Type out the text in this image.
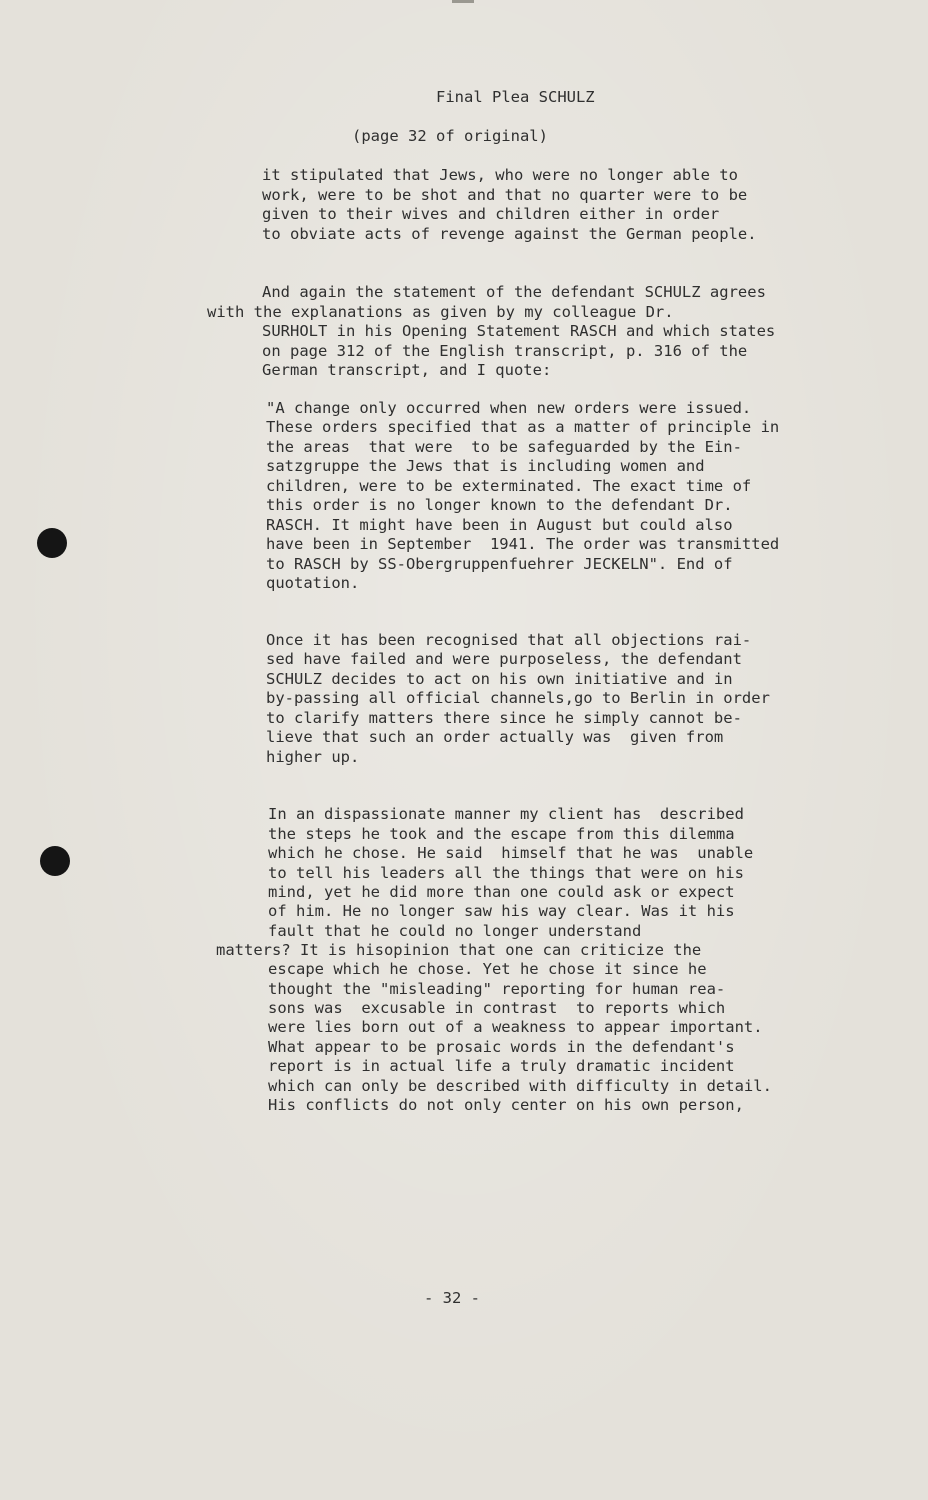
Final Plea SCHULZ
(page 32 of original)
it stipulated that Jews, who were no longer able to
work, were to be shot and that no quarter were to be
given to their wives and children either in order
to obviate acts of revenge against the German people.
And again the statement of the defendant SCHULZ agrees
with the explanations as given by my colleague Dr.
SURHOLT in his Opening Statement RASCH and which states
on page 312 of the English transcript, p. 316 of the
German transcript, and I quote:
"A change only occurred when new orders were issued.
These orders specified that as a matter of principle in
the areas  that were  to be safeguarded by the Ein-
satzgruppe the Jews that is including women and
children, were to be exterminated. The exact time of
this order is no longer known to the defendant Dr.
RASCH. It might have been in August but could also
have been in September  1941. The order was transmitted
to RASCH by SS-Obergruppenfuehrer JECKELN". End of
quotation.
Once it has been recognised that all objections rai-
sed have failed and were purposeless, the defendant
SCHULZ decides to act on his own initiative and in
by-passing all official channels,go to Berlin in order
to clarify matters there since he simply cannot be-
lieve that such an order actually was  given from
higher up.
In an dispassionate manner my client has  described
the steps he took and the escape from this dilemma
which he chose. He said  himself that he was  unable
to tell his leaders all the things that were on his
mind, yet he did more than one could ask or expect
of him. He no longer saw his way clear. Was it his
fault that he could no longer understand
matters? It is hisopinion that one can criticize the
escape which he chose. Yet he chose it since he
thought the "misleading" reporting for human rea-
sons was  excusable in contrast  to reports which
were lies born out of a weakness to appear important.
What appear to be prosaic words in the defendant's
report is in actual life a truly dramatic incident
which can only be described with difficulty in detail.
His conflicts do not only center on his own person,
- 32 -
